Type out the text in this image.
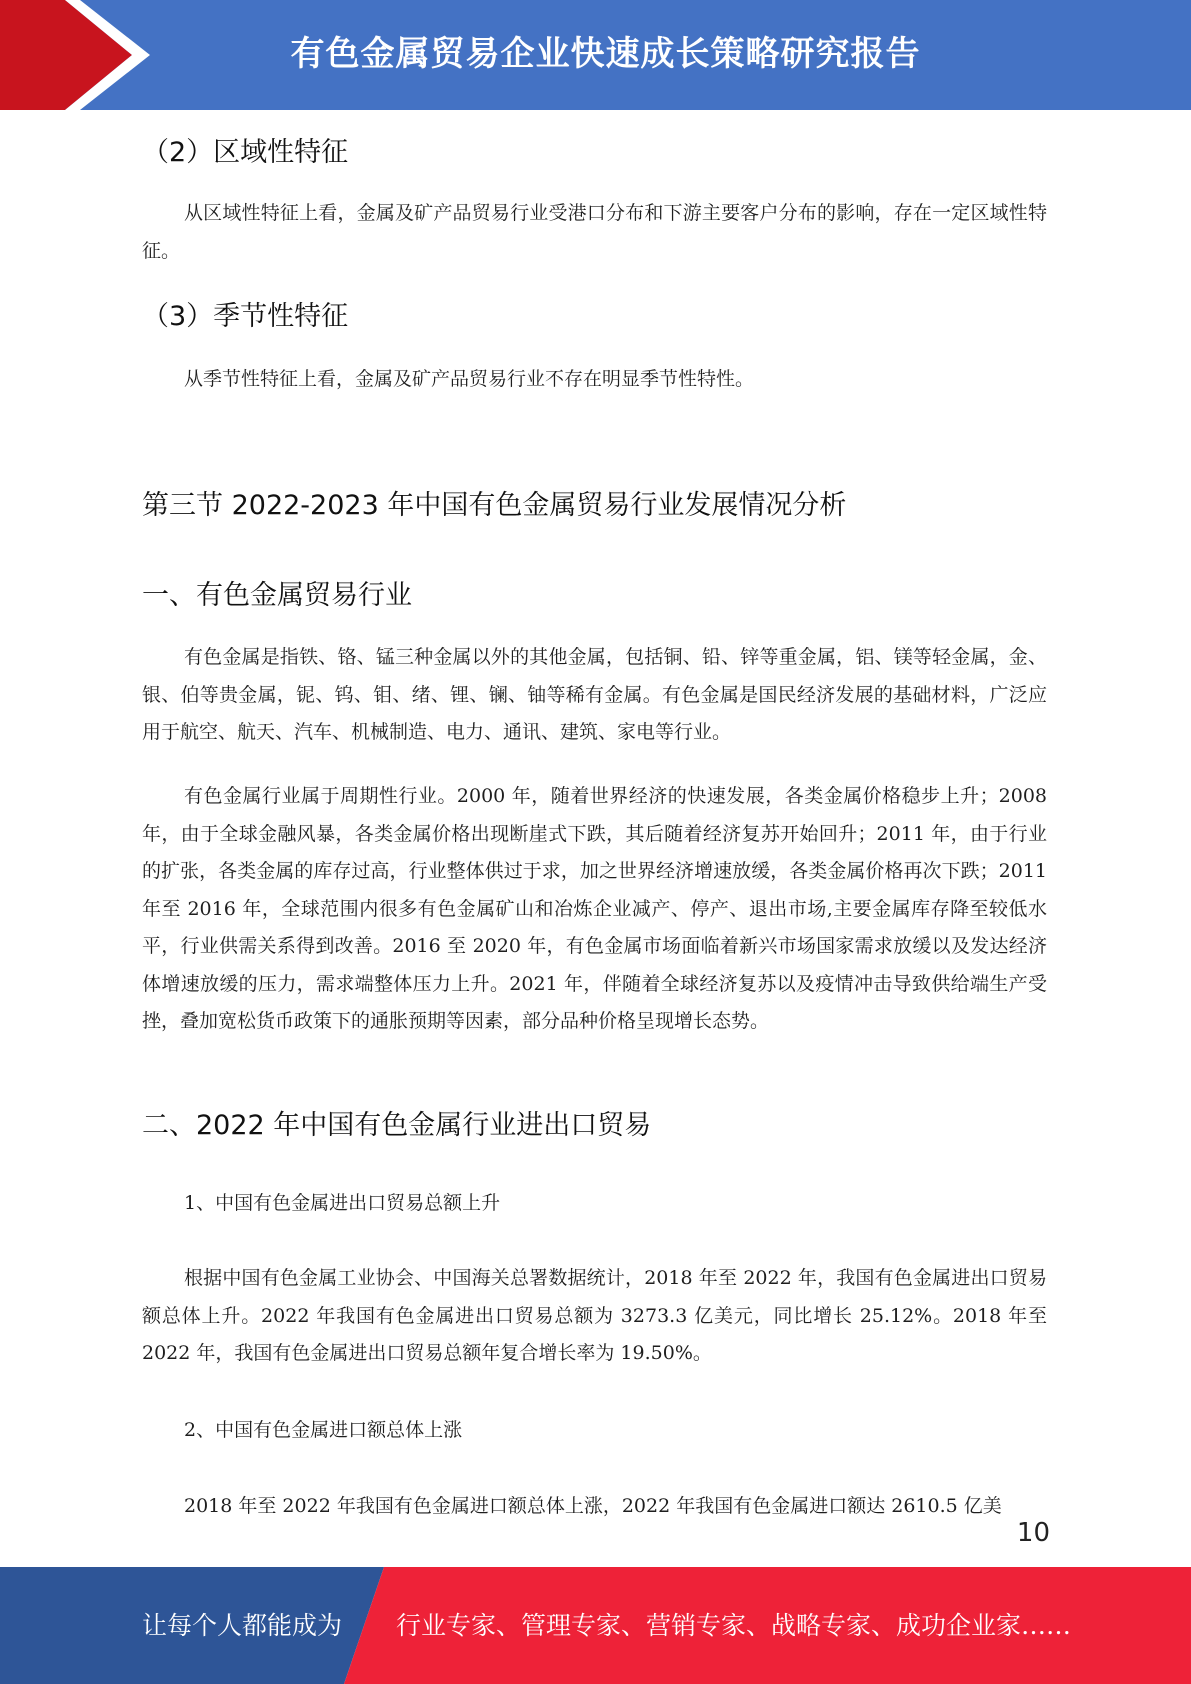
有色金属贸易企业快速成长策略研究报告
（2）区域性特征

从区域性特征上看，金属及矿产品贸易行业受港口分布和下游主要客户分布的影响，存在一定区域性特征。

（3）季节性特征

从季节性特征上看，金属及矿产品贸易行业不存在明显季节性特性。

第三节 2022-2023 年中国有色金属贸易行业发展情况分析
一、有色金属贸易行业

有色金属是指铁、铬、锰三种金属以外的其他金属，包括铜、铅、锌等重金属，铝、镁等轻金属，金、银、伯等贵金属，铌、钨、钼、绪、锂、镧、铀等稀有金属。有色金属是国民经济发展的基础材料，广泛应用于航空、航天、汽车、机械制造、电力、通讯、建筑、家电等行业。

有色金属行业属于周期性行业。2000 年，随着世界经济的快速发展，各类金属价格稳步上升；2008 年，由于全球金融风暴，各类金属价格出现断崖式下跌，其后随着经济复苏开始回升；2011 年，由于行业的扩张，各类金属的库存过高，行业整体供过于求，加之世界经济增速放缓，各类金属价格再次下跌；2011 年至 2016 年，全球范围内很多有色金属矿山和冶炼企业减产、停产、退出市场,主要金属库存降至较低水平，行业供需关系得到改善。2016 至 2020 年，有色金属市场面临着新兴市场国家需求放缓以及发达经济体增速放缓的压力，需求端整体压力上升。2021 年，伴随着全球经济复苏以及疫情冲击导致供给端生产受挫，叠加宽松货币政策下的通胀预期等因素，部分品种价格呈现增长态势。

二、2022 年中国有色金属行业进出口贸易
1、中国有色金属进出口贸易总额上升

根据中国有色金属工业协会、中国海关总署数据统计，2018 年至 2022 年，我国有色金属进出口贸易额总体上升。2022 年我国有色金属进出口贸易总额为 3273.3 亿美元，同比增长 25.12%。2018 年至 2022 年，我国有色金属进出口贸易总额年复合增长率为 19.50%。

2、中国有色金属进口额总体上涨

2018 年至 2022 年我国有色金属进口额总体上涨，2022 年我国有色金属进口额达 2610.5 亿美

10
让每个人都能成为 行业专家、管理专家、营销专家、战略专家、成功企业家……
